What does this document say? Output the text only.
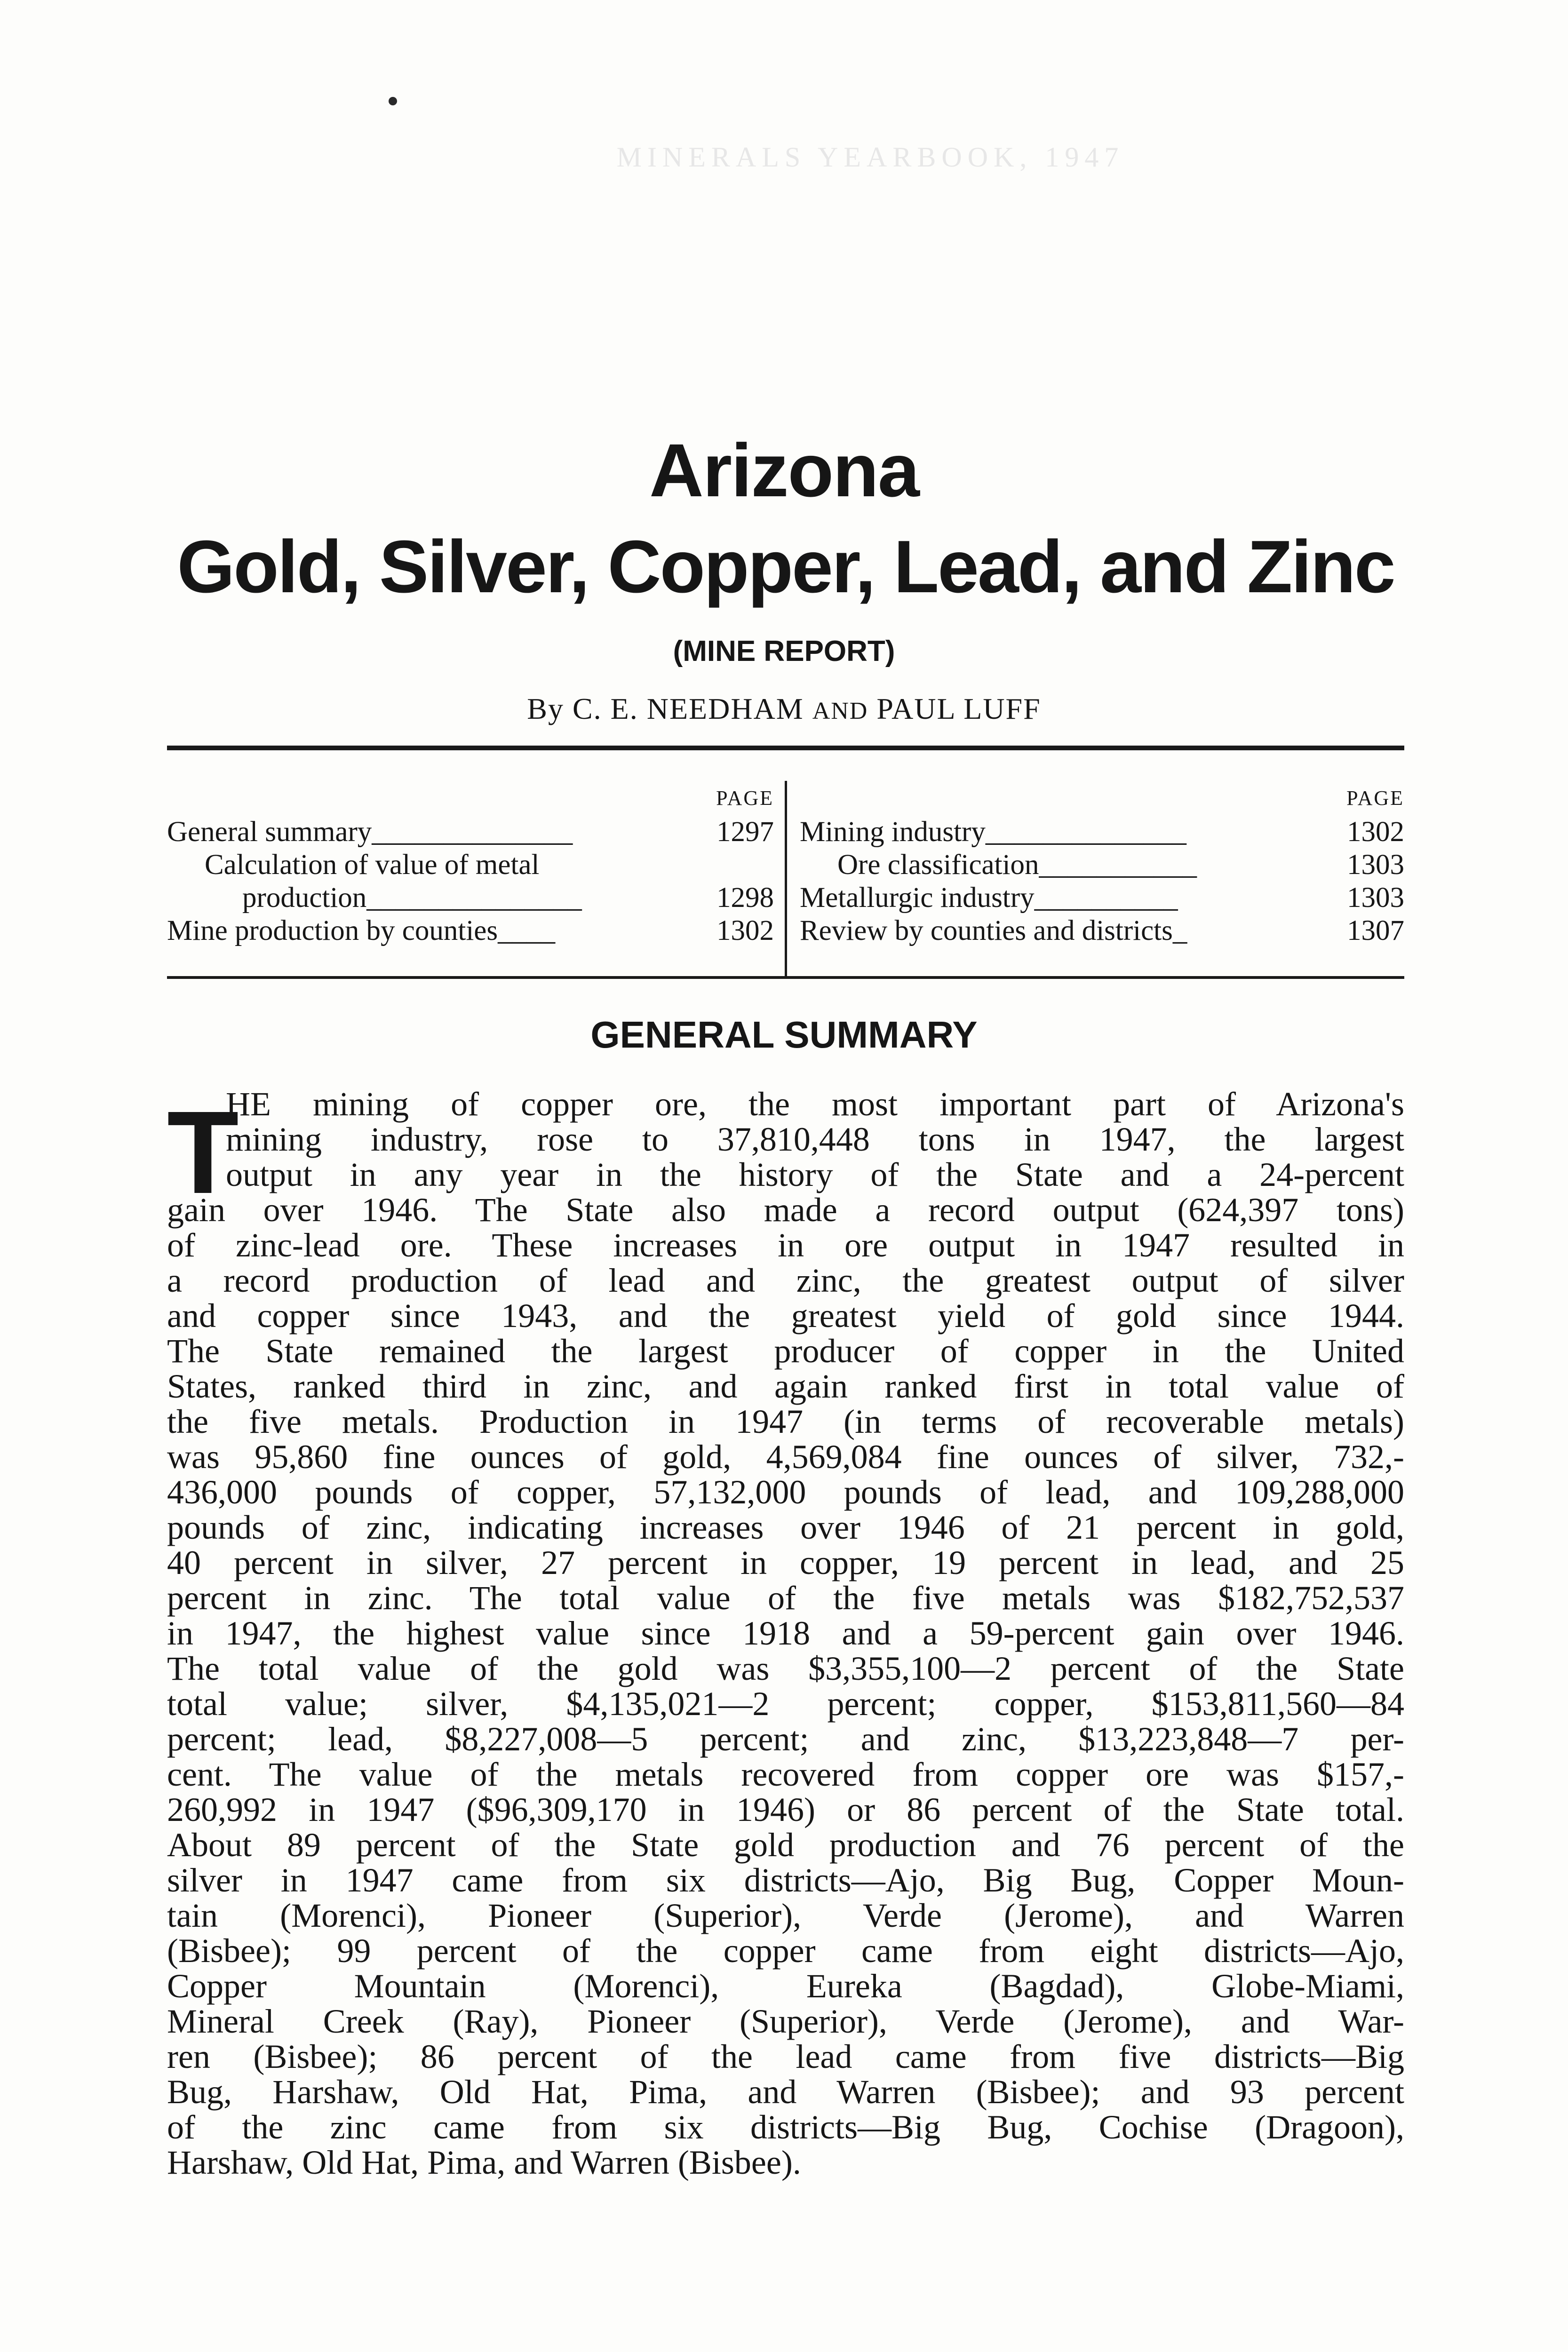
MINERALS YEARBOOK, 1947
Arizona
Gold, Silver, Copper, Lead, and Zinc
(MINE REPORT)
By C. E. NEEDHAM AND PAUL LUFF
PAGE
General summary______________	1297
Calculation of value of metal
production_______________	1298
Mine production by counties____	1302
PAGE
Mining industry______________	1302
Ore classification___________	1303
Metallurgic industry__________	1303
Review by counties and districts_	1307
GENERAL SUMMARY
T
HE mining of copper ore, the most important part of Arizona's
mining industry, rose to 37,810,448 tons in 1947, the largest
output in any year in the history of the State and a 24-percent
gain over 1946. The State also made a record output (624,397 tons)
of zinc-lead ore. These increases in ore output in 1947 resulted in
a record production of lead and zinc, the greatest output of silver
and copper since 1943, and the greatest yield of gold since 1944.
The State remained the largest producer of copper in the United
States, ranked third in zinc, and again ranked first in total value of
the five metals. Production in 1947 (in terms of recoverable metals)
was 95,860 fine ounces of gold, 4,569,084 fine ounces of silver, 732,-
436,000 pounds of copper, 57,132,000 pounds of lead, and 109,288,000
pounds of zinc, indicating increases over 1946 of 21 percent in gold,
40 percent in silver, 27 percent in copper, 19 percent in lead, and 25
percent in zinc. The total value of the five metals was $182,752,537
in 1947, the highest value since 1918 and a 59-percent gain over 1946.
The total value of the gold was $3,355,100—2 percent of the State
total value; silver, $4,135,021—2 percent; copper, $153,811,560—84
percent; lead, $8,227,008—5 percent; and zinc, $13,223,848—7 per-
cent. The value of the metals recovered from copper ore was $157,-
260,992 in 1947 ($96,309,170 in 1946) or 86 percent of the State total.
About 89 percent of the State gold production and 76 percent of the
silver in 1947 came from six districts—Ajo, Big Bug, Copper Moun-
tain (Morenci), Pioneer (Superior), Verde (Jerome), and Warren
(Bisbee); 99 percent of the copper came from eight districts—Ajo,
Copper Mountain (Morenci), Eureka (Bagdad), Globe-Miami,
Mineral Creek (Ray), Pioneer (Superior), Verde (Jerome), and War-
ren (Bisbee); 86 percent of the lead came from five districts—Big
Bug, Harshaw, Old Hat, Pima, and Warren (Bisbee); and 93 percent
of the zinc came from six districts—Big Bug, Cochise (Dragoon),
Harshaw, Old Hat, Pima, and Warren (Bisbee).
